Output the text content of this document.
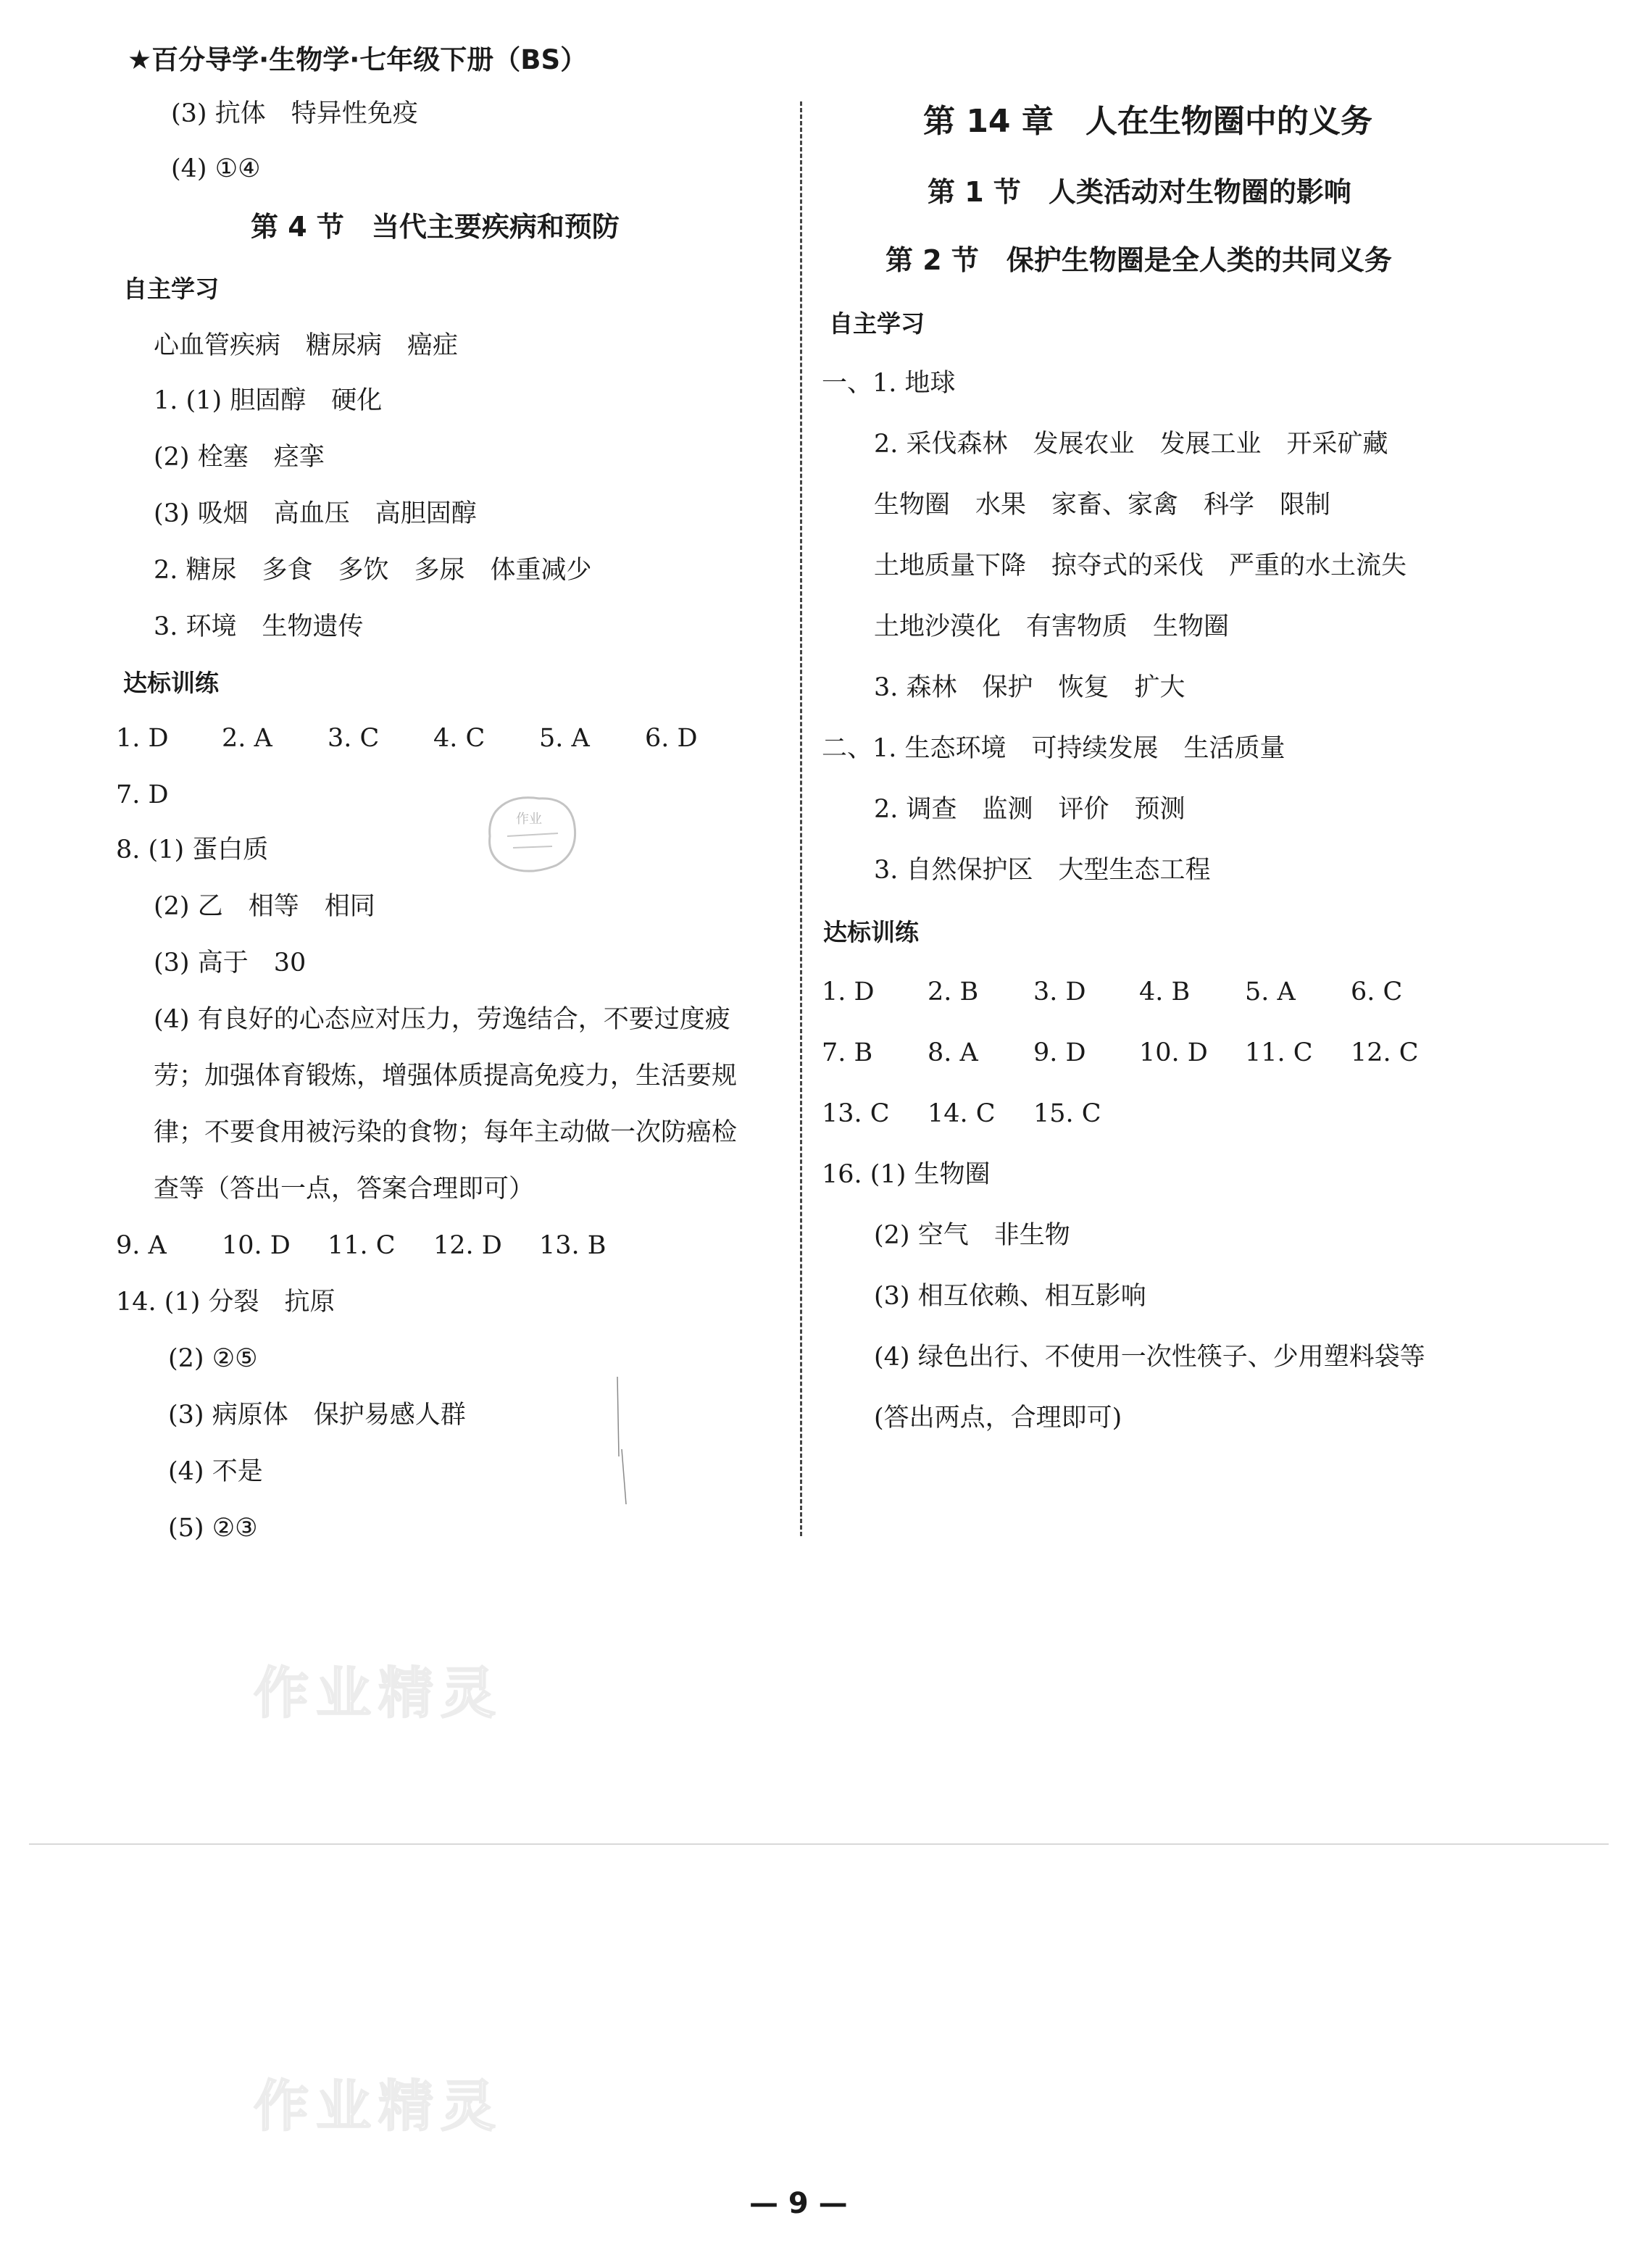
★百分导学·生物学·七年级下册（BS）
(3) 抗体　特异性免疫
(4) ①④
第 4 节　当代主要疾病和预防
自主学习
心血管疾病　糖尿病　癌症
1. (1) 胆固醇　硬化
(2) 栓塞　痉挛
(3) 吸烟　高血压　高胆固醇
2. 糖尿　多食　多饮　多尿　体重减少
3. 环境　生物遗传
达标训练
1. D	2. A	3. C	4. C	5. A	6. D
7. D
8. (1) 蛋白质
(2) 乙　相等　相同
(3) 高于　30
(4) 有良好的心态应对压力，劳逸结合，不要过度疲
劳；加强体育锻炼，增强体质提高免疫力，生活要规
律；不要食用被污染的食物；每年主动做一次防癌检
查等（答出一点，答案合理即可）
9. A	10. D	11. C	12. D	13. B
14. (1) 分裂　抗原
(2) ②⑤
(3) 病原体　保护易感人群
(4) 不是
(5) ②③
第 14 章　人在生物圈中的义务
第 1 节　人类活动对生物圈的影响
第 2 节　保护生物圈是全人类的共同义务
自主学习
一、1. 地球
2. 采伐森林　发展农业　发展工业　开采矿藏
生物圈　水果　家畜、家禽　科学　限制
土地质量下降　掠夺式的采伐　严重的水土流失
土地沙漠化　有害物质　生物圈
3. 森林　保护　恢复　扩大
二、1. 生态环境　可持续发展　生活质量
2. 调查　监测　评价　预测
3. 自然保护区　大型生态工程
达标训练
1. D	2. B	3. D	4. B	5. A	6. C
7. B	8. A	9. D	10. D	11. C	12. C
13. C	14. C	15. C
16. (1) 生物圈
(2) 空气　非生物
(3) 相互依赖、相互影响
(4) 绿色出行、不使用一次性筷子、少用塑料袋等
(答出两点，合理即可)
作业
作业精灵
作业精灵
— 9 —
